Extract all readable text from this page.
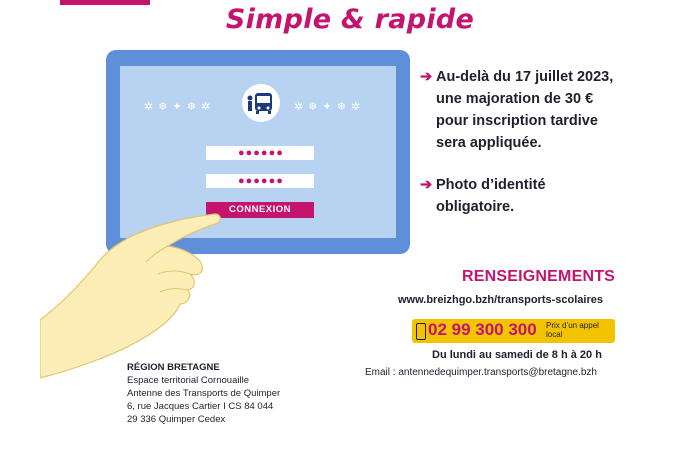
Simple & rapide
✲ ❄ ✦ ❄ ✲	✲ ❄ ✦ ❄ ✲
●●●●●●
●●●●●●
CONNEXION
➔ Au-delà du 17 juillet 2023, une majoration de 30 € pour inscription tardive sera appliquée.
➔ Photo d’identité obligatoire.
RENSEIGNEMENTS
www.breizhgo.bzh/transports-scolaires
02 99 300 300 Prix d’un appel local
Du lundi au samedi de 8 h à 20 h
Email : antennedequimper.transports@bretagne.bzh
RÉGION BRETAGNE
Espace territorial Cornouaille
Antenne des Transports de Quimper
6, rue Jacques Cartier I CS 84 044
29 336 Quimper Cedex
